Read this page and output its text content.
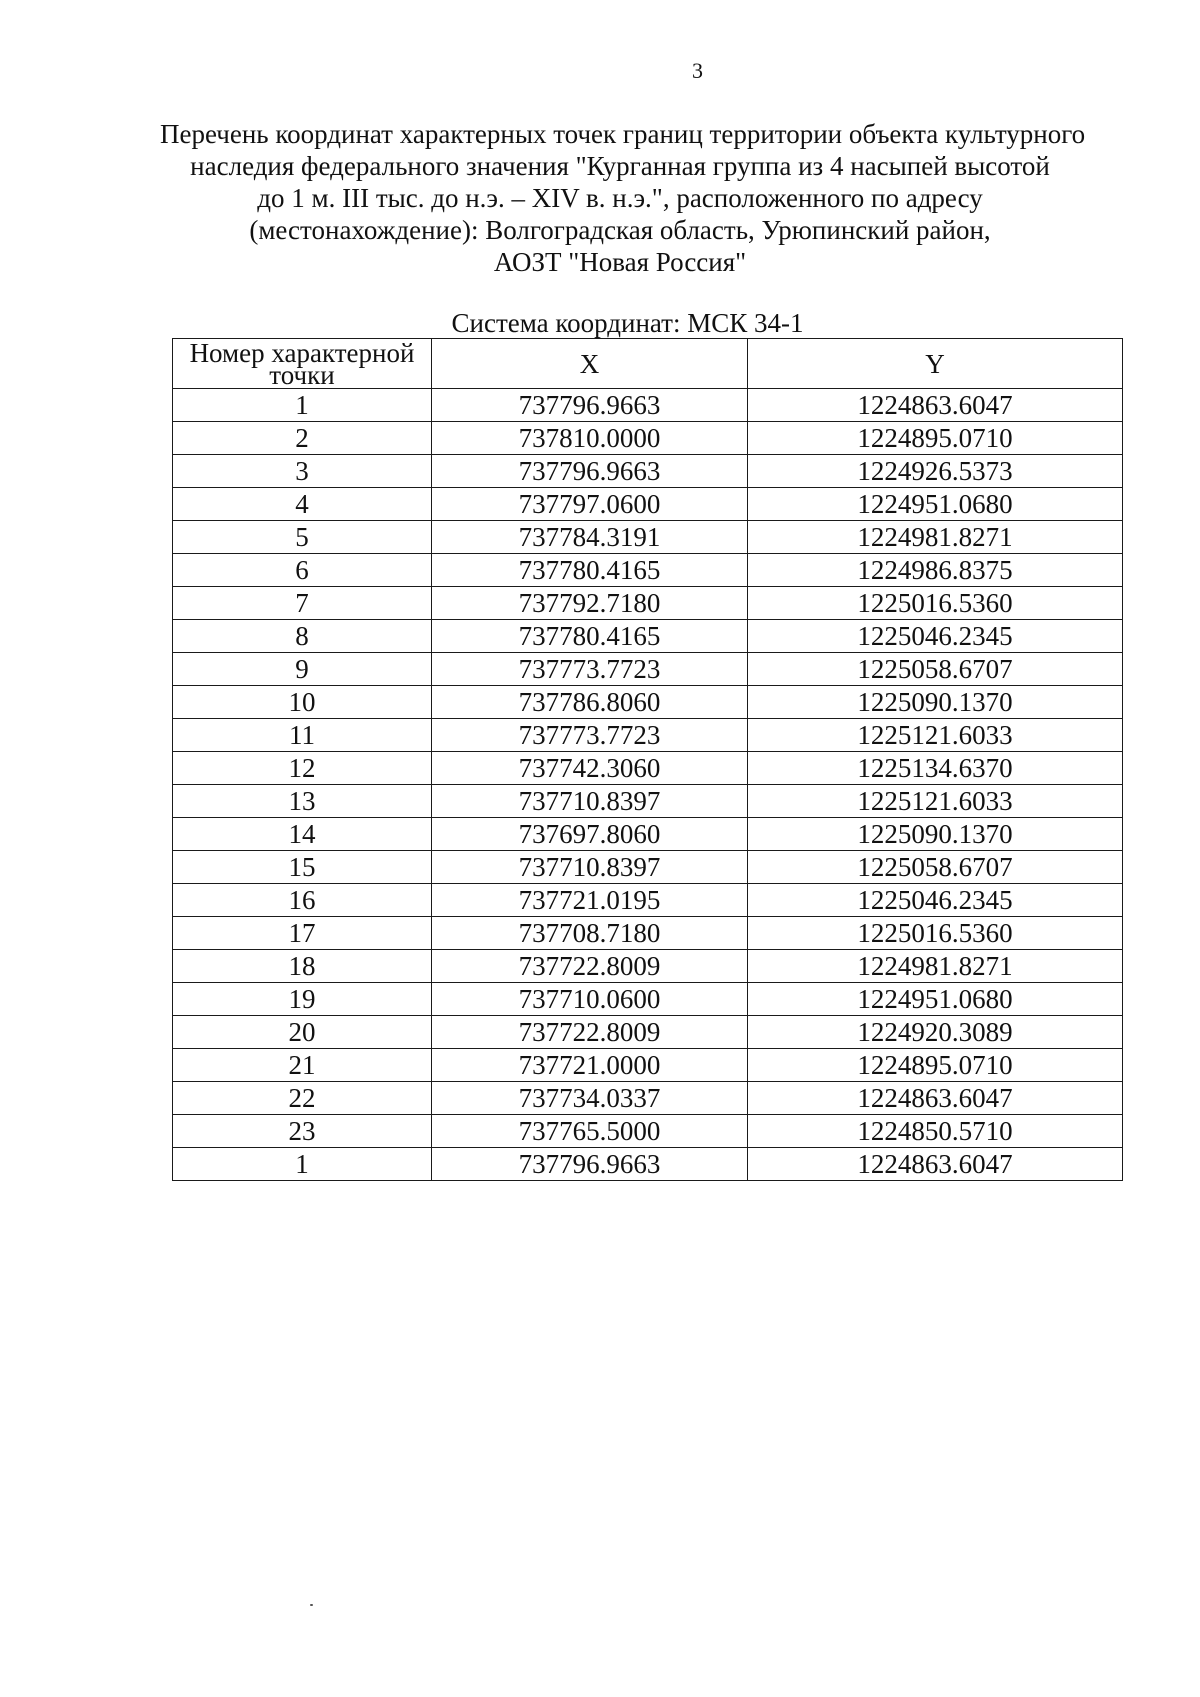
3
Перечень координат характерных точек границ территории объекта культурного
наследия федерального значения "Курганная группа из 4 насыпей высотой
до 1 м. III тыс. до н.э. – XIV в. н.э.", расположенного по адресу
(местонахождение): Волгоградская область, Урюпинский район,
АОЗТ "Новая Россия"
Система координат: МСК 34-1
Номер характерной точки	X	Y
1	737796.9663	1224863.6047
2	737810.0000	1224895.0710
3	737796.9663	1224926.5373
4	737797.0600	1224951.0680
5	737784.3191	1224981.8271
6	737780.4165	1224986.8375
7	737792.7180	1225016.5360
8	737780.4165	1225046.2345
9	737773.7723	1225058.6707
10	737786.8060	1225090.1370
11	737773.7723	1225121.6033
12	737742.3060	1225134.6370
13	737710.8397	1225121.6033
14	737697.8060	1225090.1370
15	737710.8397	1225058.6707
16	737721.0195	1225046.2345
17	737708.7180	1225016.5360
18	737722.8009	1224981.8271
19	737710.0600	1224951.0680
20	737722.8009	1224920.3089
21	737721.0000	1224895.0710
22	737734.0337	1224863.6047
23	737765.5000	1224850.5710
1	737796.9663	1224863.6047
